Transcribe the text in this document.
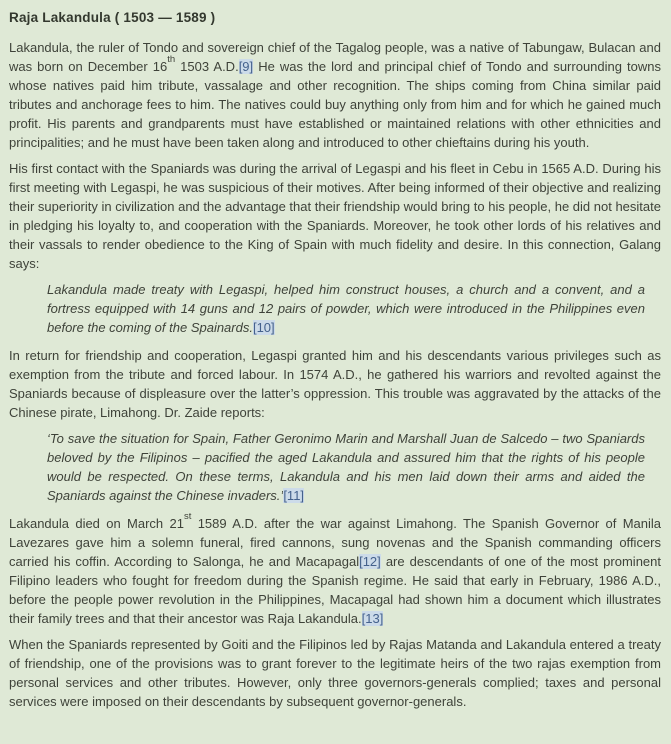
Raja Lakandula ( 1503 — 1589 )

Lakandula, the ruler of Tondo and sovereign chief of the Tagalog people, was a native of Tabungaw, Bulacan and was born on December 16th 1503 A.D.[9] He was the lord and principal chief of Tondo and surrounding towns whose natives paid him tribute, vassalage and other recognition. The ships coming from China similar paid tributes and anchorage fees to him. The natives could buy anything only from him and for which he gained much profit. His parents and grandparents must have established or maintained relations with other ethnicities and principalities; and he must have been taken along and introduced to other chieftains during his youth.

His first contact with the Spaniards was during the arrival of Legaspi and his fleet in Cebu in 1565 A.D. During his first meeting with Legaspi, he was suspicious of their motives. After being informed of their objective and realizing their superiority in civilization and the advantage that their friendship would bring to his people, he did not hesitate in pledging his loyalty to, and cooperation with the Spaniards. Moreover, he took other lords of his relatives and their vassals to render obedience to the King of Spain with much fidelity and desire. In this connection, Galang says:

Lakandula made treaty with Legaspi, helped him construct houses, a church and a convent, and a fortress equipped with 14 guns and 12 pairs of powder, which were introduced in the Philippines even before the coming of the Spainards.[10]

In return for friendship and cooperation, Legaspi granted him and his descendants various privileges such as exemption from the tribute and forced labour. In 1574 A.D., he gathered his warriors and revolted against the Spaniards because of displeasure over the latter’s oppression. This trouble was aggravated by the attacks of the Chinese pirate, Limahong. Dr. Zaide reports:

‘To save the situation for Spain, Father Geronimo Marin and Marshall Juan de Salcedo – two Spaniards beloved by the Filipinos – pacified the aged Lakandula and assured him that the rights of his people would be respected. On these terms, Lakandula and his men laid down their arms and aided the Spaniards against the Chinese invaders.’[11]

Lakandula died on March 21st 1589 A.D. after the war against Limahong. The Spanish Governor of Manila Lavezares gave him a solemn funeral, fired cannons, sung novenas and the Spanish commanding officers carried his coffin. According to Salonga, he and Macapagal[12] are descendants of one of the most prominent Filipino leaders who fought for freedom during the Spanish regime. He said that early in February, 1986 A.D., before the people power revolution in the Philippines, Macapagal had shown him a document which illustrates their family trees and that their ancestor was Raja Lakandula.[13]

When the Spaniards represented by Goiti and the Filipinos led by Rajas Matanda and Lakandula entered a treaty of friendship, one of the provisions was to grant forever to the legitimate heirs of the two rajas exemption from personal services and other tributes. However, only three governors-generals complied; taxes and personal services were imposed on their descendants by subsequent governor-generals.
